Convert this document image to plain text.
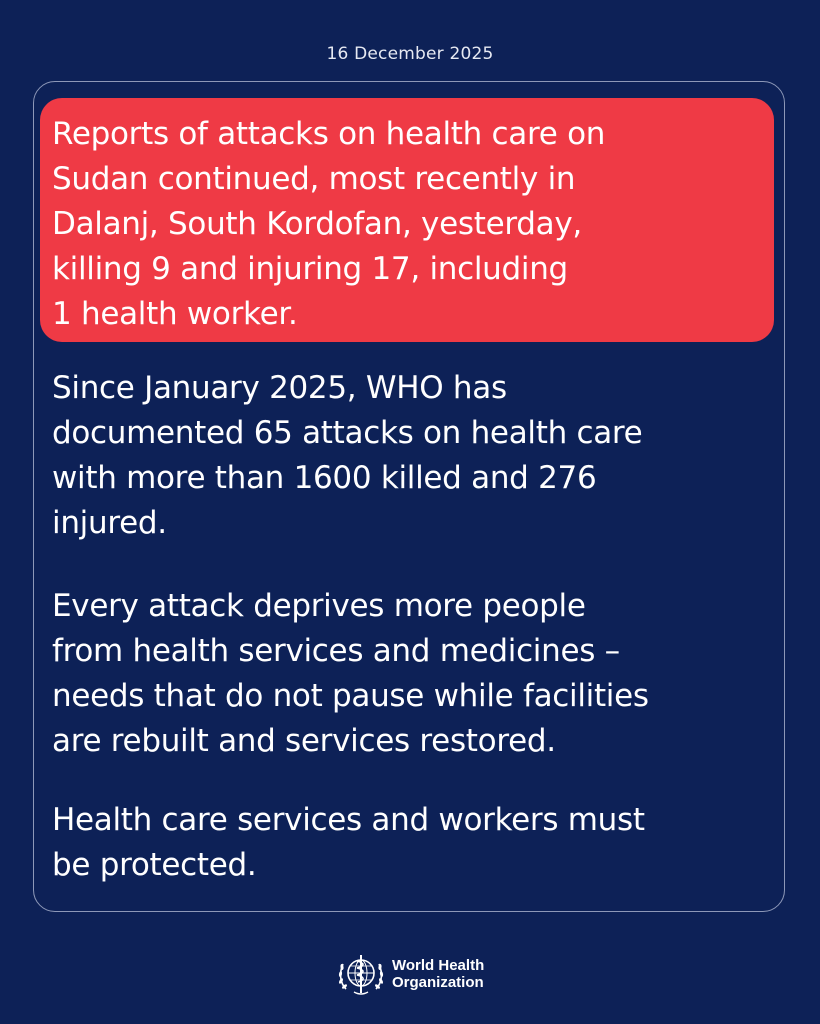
16 December 2025
Reports of attacks on health care on
Sudan continued, most recently in
Dalanj, South Kordofan, yesterday,
killing 9 and injuring 17, including
1 health worker.
Since January 2025, WHO has
documented 65 attacks on health care
with more than 1600 killed and 276
injured.
Every attack deprives more people
from health services and medicines –
needs that do not pause while facilities
are rebuilt and services restored.
Health care services and workers must
be protected.
World Health
Organization
